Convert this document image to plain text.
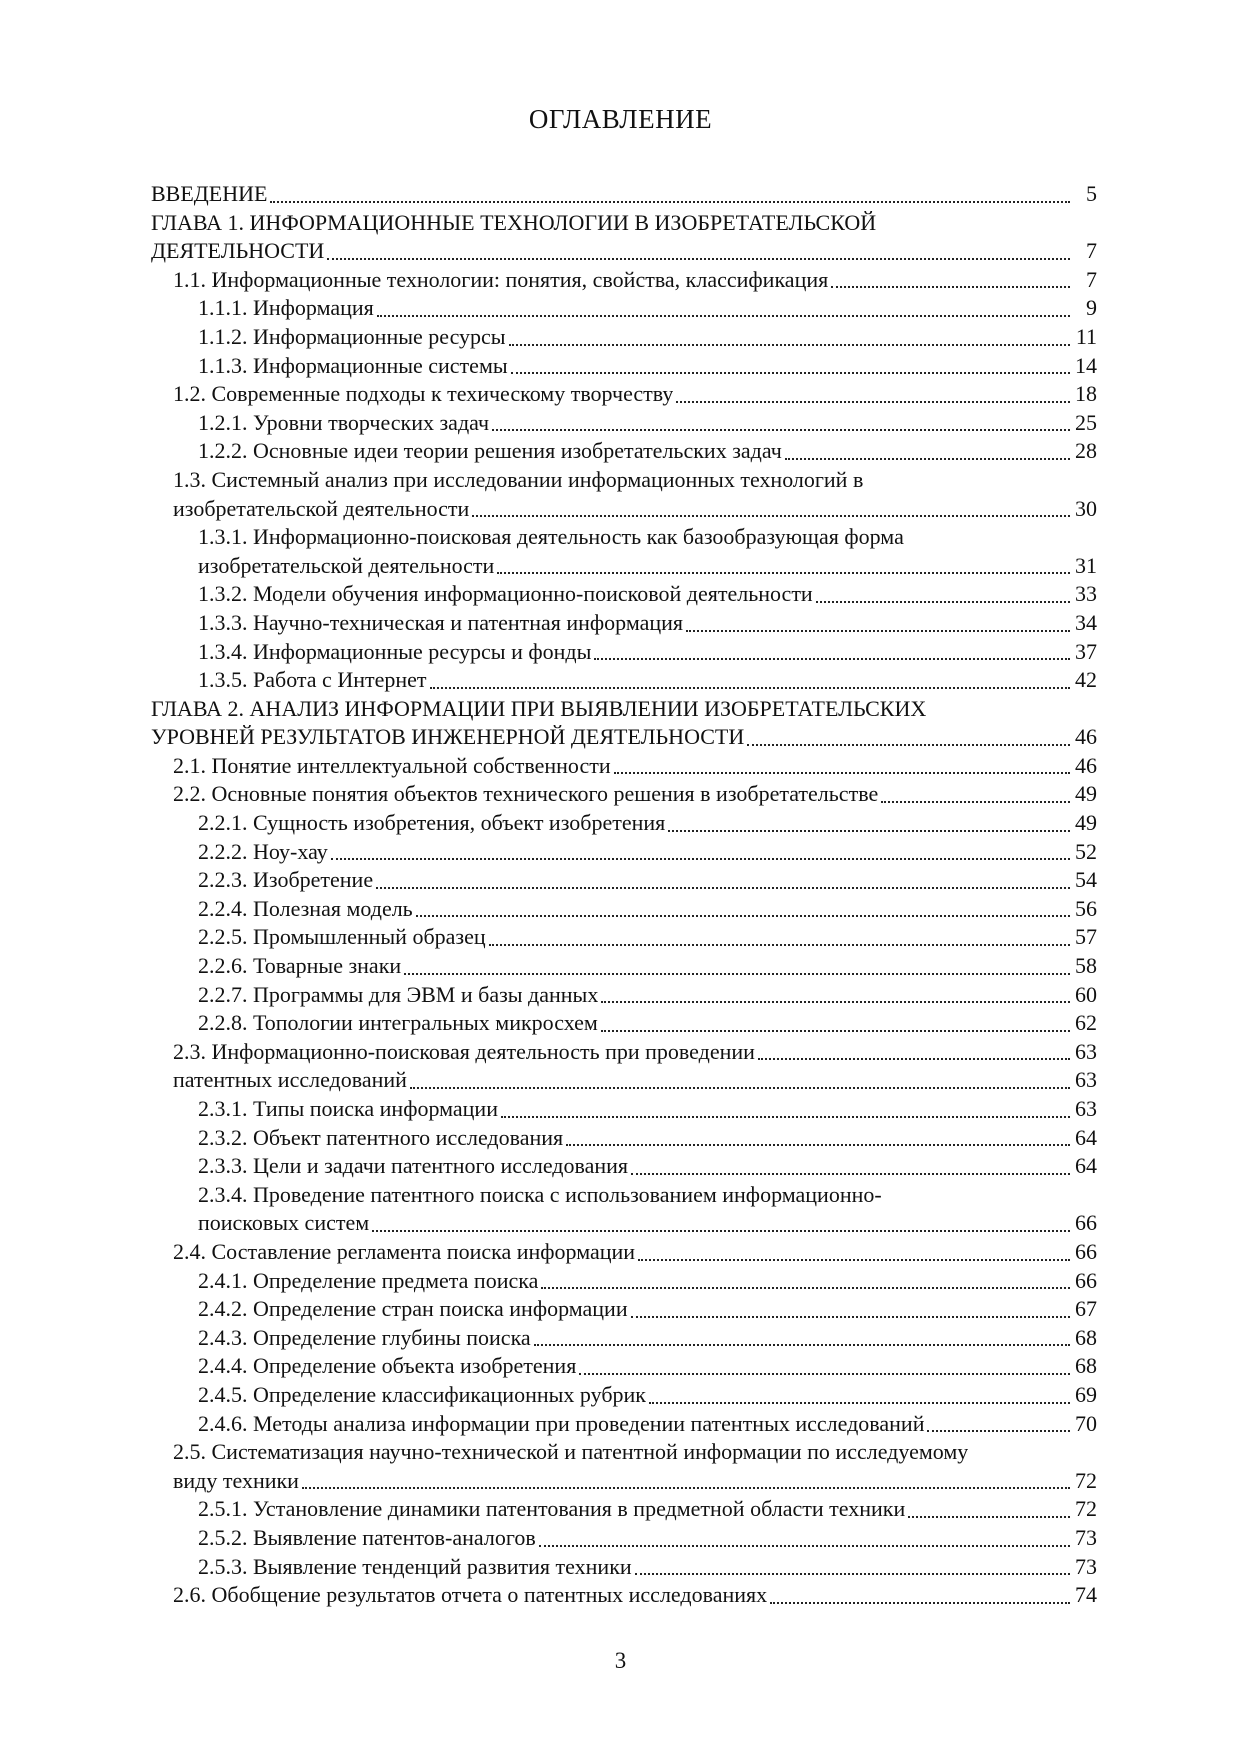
ОГЛАВЛЕНИЕ
ВВЕДЕНИЕ	5
ГЛАВА 1. ИНФОРМАЦИОННЫЕ ТЕХНОЛОГИИ В ИЗОБРЕТАТЕЛЬСКОЙ
ДЕЯТЕЛЬНОСТИ	7
1.1. Информационные технологии: понятия, свойства, классификация	7
1.1.1. Информация	9
1.1.2. Информационные ресурсы	11
1.1.3. Информационные системы	14
1.2. Современные подходы к техическому творчеству	18
1.2.1. Уровни творческих задач	25
1.2.2. Основные идеи теории решения изобретательских задач	28
1.3. Системный анализ при исследовании информационных технологий в
изобретательской деятельности	30
1.3.1. Информационно-поисковая деятельность как базообразующая форма
изобретательской деятельности	31
1.3.2. Модели обучения информационно-поисковой деятельности	33
1.3.3. Научно-техническая и патентная информация	34
1.3.4. Информационные ресурсы и фонды	37
1.3.5. Работа с Интернет	42
ГЛАВА 2. АНАЛИЗ ИНФОРМАЦИИ ПРИ ВЫЯВЛЕНИИ ИЗОБРЕТАТЕЛЬСКИХ
УРОВНЕЙ РЕЗУЛЬТАТОВ ИНЖЕНЕРНОЙ ДЕЯТЕЛЬНОСТИ	46
2.1. Понятие интеллектуальной собственности	46
2.2. Основные понятия объектов технического решения в изобретательстве	49
2.2.1. Сущность изобретения, объект изобретения	49
2.2.2. Ноу-хау	52
2.2.3. Изобретение	54
2.2.4. Полезная модель	56
2.2.5. Промышленный образец	57
2.2.6. Товарные знаки	58
2.2.7. Программы для ЭВМ и базы данных	60
2.2.8. Топологии интегральных микросхем	62
2.3. Информационно-поисковая деятельность при проведении	63
патентных исследований	63
2.3.1. Типы поиска информации	63
2.3.2. Объект патентного исследования	64
2.3.3. Цели и задачи патентного исследования	64
2.3.4. Проведение патентного поиска с использованием информационно-
поисковых систем	66
2.4. Составление регламента поиска информации	66
2.4.1. Определение предмета поиска	66
2.4.2. Определение стран поиска информации	67
2.4.3. Определение глубины поиска	68
2.4.4. Определение объекта изобретения	68
2.4.5. Определение классификационных рубрик	69
2.4.6. Методы анализа информации при проведении патентных исследований	70
2.5. Систематизация научно-технической и патентной информации по исследуемому
виду техники	72
2.5.1. Установление динамики патентования в предметной области техники	72
2.5.2. Выявление патентов-аналогов	73
2.5.3. Выявление тенденций развития техники	73
2.6. Обобщение результатов отчета о патентных исследованиях	74
3
